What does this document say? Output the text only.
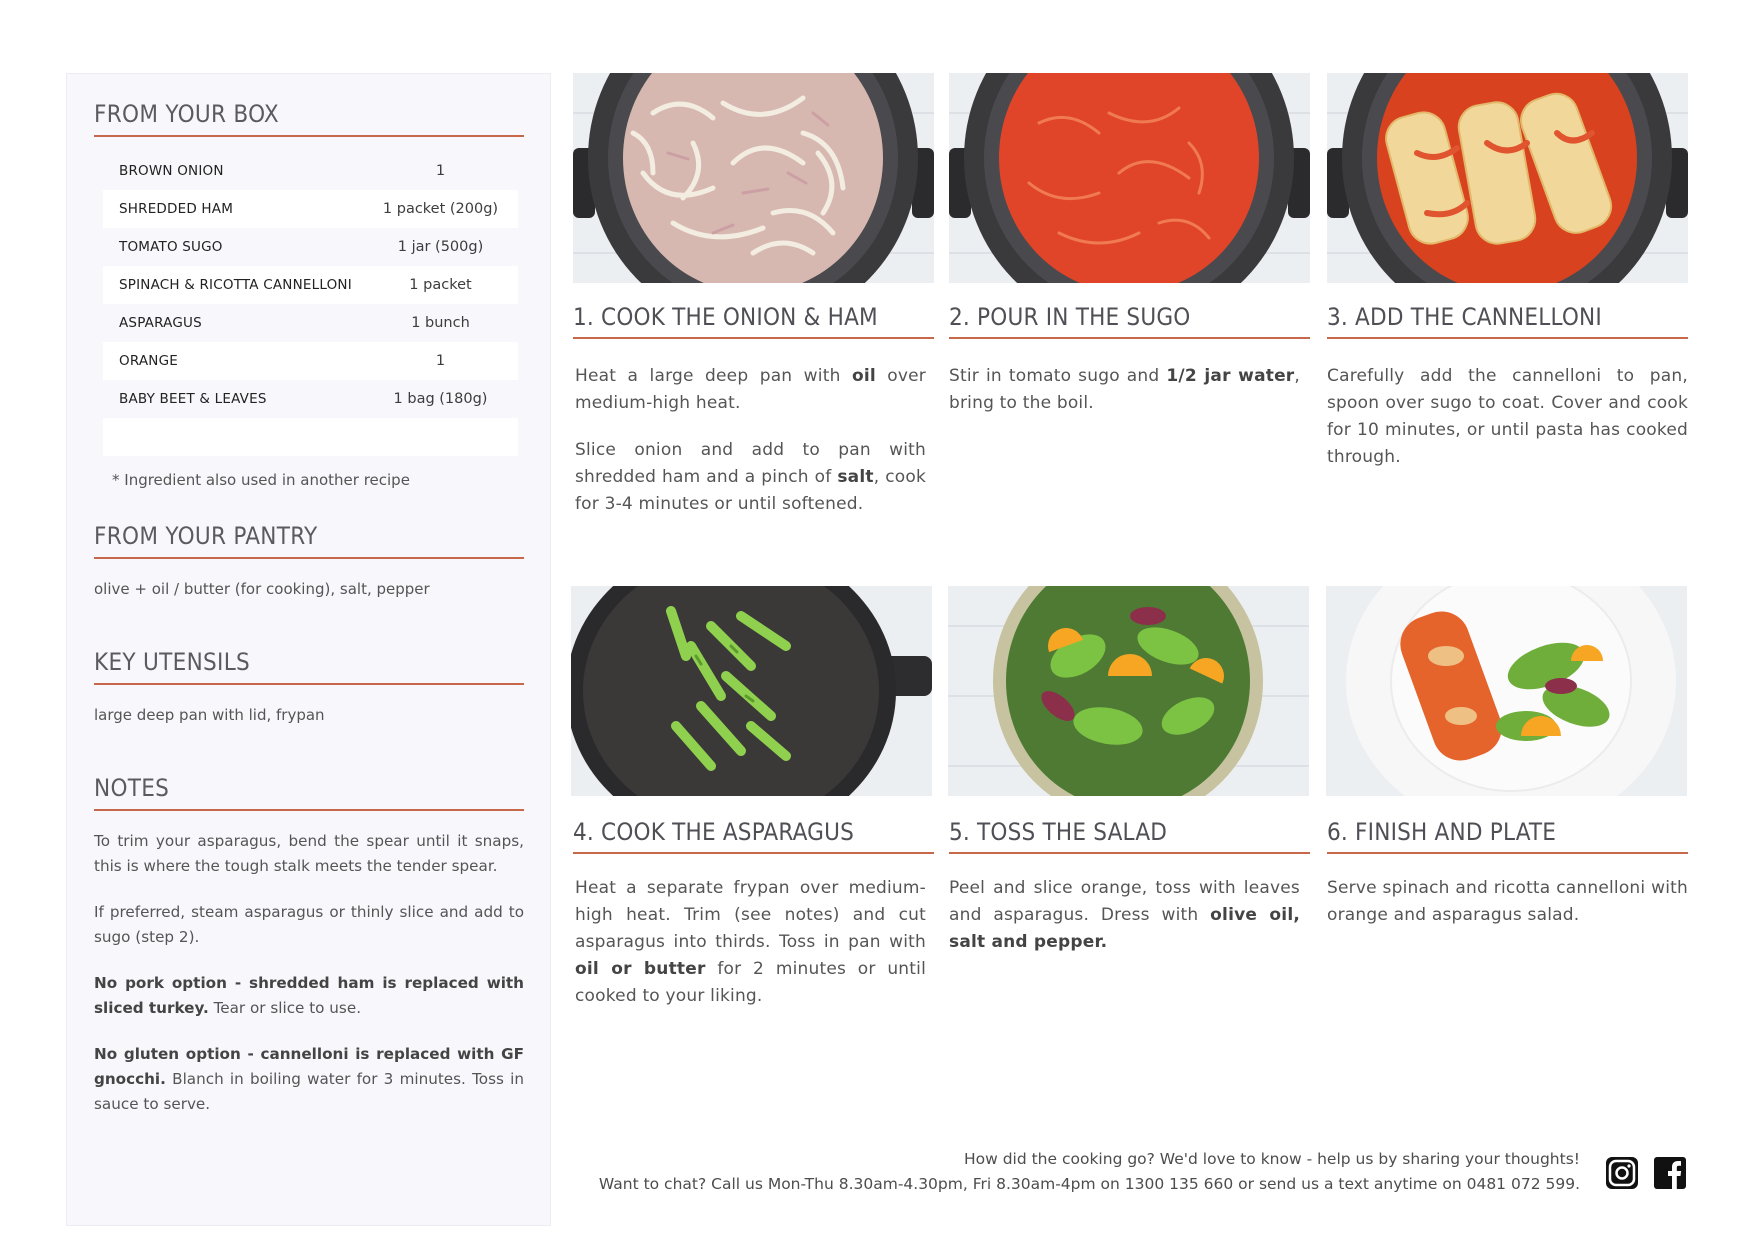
FROM YOUR BOX
BROWN ONION	1
SHREDDED HAM	1 packet (200g)
TOMATO SUGO	1 jar (500g)
SPINACH & RICOTTA CANNELLONI	1 packet
ASPARAGUS	1 bunch
ORANGE	1
BABY BEET & LEAVES	1 bag (180g)
* Ingredient also used in another recipe
FROM YOUR PANTRY
olive + oil / butter (for cooking), salt, pepper
KEY UTENSILS
large deep pan with lid, frypan
NOTES

To trim your asparagus, bend the spear until it snaps, this is where the tough stalk meets the tender spear.

If preferred, steam asparagus or thinly slice and add to sugo (step 2).

No pork option - shredded ham is replaced with sliced turkey. Tear or slice to use.

No gluten option - cannelloni is replaced with GF gnocchi. Blanch in boiling water for 3 minutes. Toss in sauce to serve.

1. COOK THE ONION & HAM	2. POUR IN THE SUGO	3. ADD THE CANNELLONI

Heat a large deep pan with oil over medium-high heat.

Slice onion and add to pan with shredded ham and a pinch of salt, cook for 3-4 minutes or until softened.

Stir in tomato sugo and 1/2 jar water, bring to the boil.

Carefully add the cannelloni to pan, spoon over sugo to coat. Cover and cook for 10 minutes, or until pasta has cooked through.

4. COOK THE ASPARAGUS	5. TOSS THE SALAD	6. FINISH AND PLATE

Heat a separate frypan over medium-high heat. Trim (see notes) and cut asparagus into thirds. Toss in pan with oil or butter for 2 minutes or until cooked to your liking.

Peel and slice orange, toss with leaves and asparagus. Dress with olive oil, salt and pepper.

Serve spinach and ricotta cannelloni with orange and asparagus salad.

How did the cooking go? We'd love to know - help us by sharing your thoughts!
Want to chat? Call us Mon-Thu 8.30am-4.30pm, Fri 8.30am-4pm on 1300 135 660 or send us a text anytime on 0481 072 599.
